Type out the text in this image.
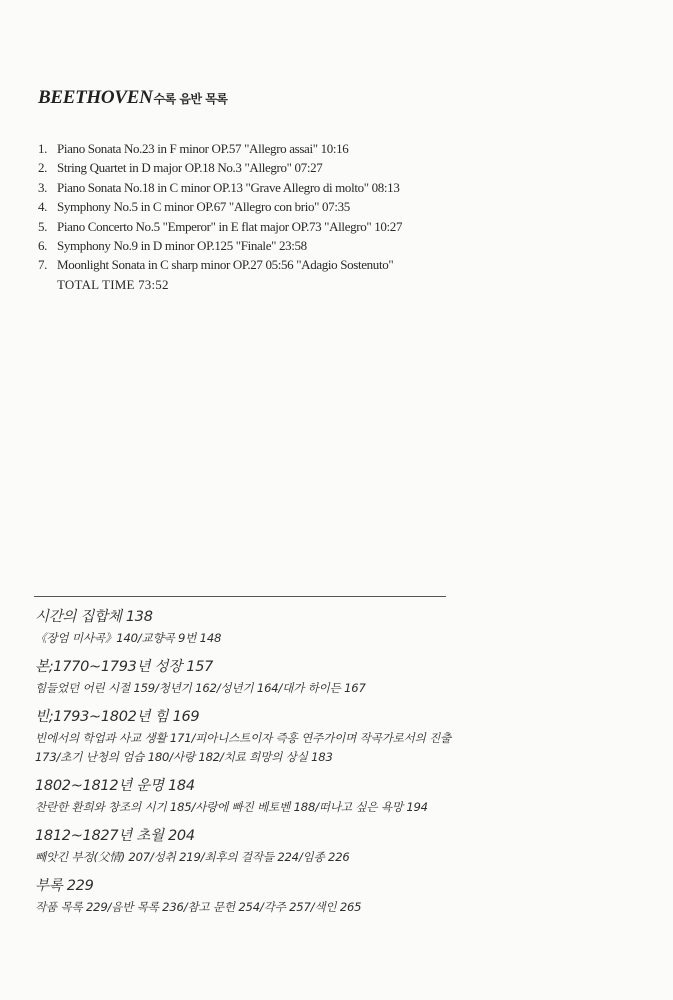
BEETHOVEN수록 음반 목록
1. Piano Sonata No.23 in F minor OP.57 "Allegro assai" 10:16
2. String Quartet in D major OP.18 No.3 "Allegro" 07:27
3. Piano Sonata No.18 in C minor OP.13 "Grave Allegro di molto" 08:13
4. Symphony No.5 in C minor OP.67 "Allegro con brio" 07:35
5. Piano Concerto No.5 "Emperor" in E flat major OP.73 "Allegro" 10:27
6. Symphony No.9 in D minor OP.125 "Finale" 23:58
7. Moonlight Sonata in C sharp minor OP.27 05:56 "Adagio Sostenuto"
TOTAL TIME 73:52
시간의 집합체 138
《장엄 미사곡》140/교향곡 9번 148
본;1770~1793년 성장 157
힘들었던 어린 시절 159/청년기 162/성년기 164/대가 하이든 167
빈;1793~1802년 힘 169
빈에서의 학업과 사교 생활 171/피아니스트이자 즉흥 연주가이며 작곡가로서의 진출 173/초기 난청의 엄습 180/사랑 182/치료 희망의 상실 183
1802~1812년 운명 184
찬란한 환희와 창조의 시기 185/사랑에 빠진 베토벤 188/떠나고 싶은 욕망 194
1812~1827년 초월 204
빼앗긴 부정(父情) 207/성취 219/최후의 걸작들 224/임종 226
부록 229
작품 목록 229/음반 목록 236/참고 문헌 254/각주 257/색인 265
